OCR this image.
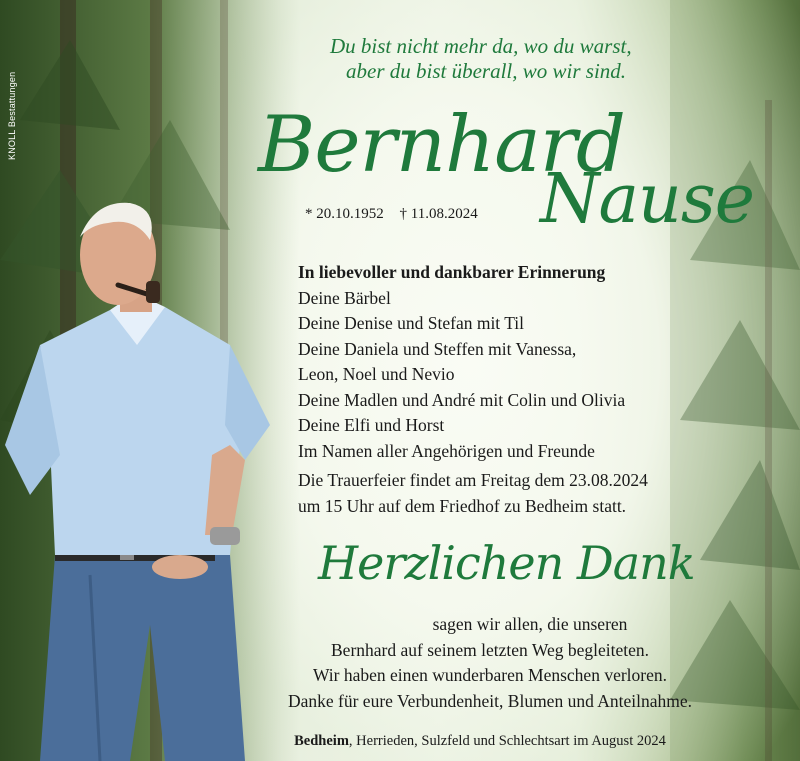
KNOLL Bestattungen
Du bist nicht mehr da, wo du warst,
aber du bist überall, wo wir sind.
Bernhard
Nause
* 20.10.1952 † 11.08.2024
In liebevoller und dankbarer Erinnerung
Deine Bärbel
Deine Denise und Stefan mit Til
Deine Daniela und Steffen mit Vanessa,
Leon, Noel und Nevio
Deine Madlen und André mit Colin und Olivia
Deine Elfi und Horst
Im Namen aller Angehörigen und Freunde
Die Trauerfeier findet am Freitag dem 23.08.2024
um 15 Uhr auf dem Friedhof zu Bedheim statt.
Herzlichen Dank
sagen wir allen, die unseren
Bernhard auf seinem letzten Weg begleiteten.
Wir haben einen wunderbaren Menschen verloren.
Danke für eure Verbundenheit, Blumen und Anteilnahme.
Bedheim, Herrieden, Sulzfeld und Schlechtsart im August 2024
